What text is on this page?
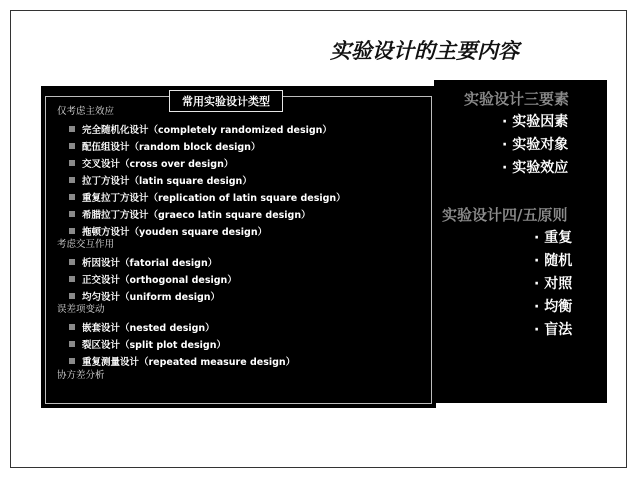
实验设计的主要内容
常用实验设计类型
仅考虑主效应
完全随机化设计（completely randomized design）
配伍组设计（random block design）
交叉设计（cross over design）
拉丁方设计（latin square design）
重复拉丁方设计（replication of latin square design）
希腊拉丁方设计（graeco latin square design）
拖顿方设计（youden square design）
考虑交互作用
析因设计（fatorial design）
正交设计（orthogonal design）
均匀设计（uniform design）
误差项变动
嵌套设计（nested design）
裂区设计（split plot design）
重复测量设计（repeated measure design）
协方差分析
实验设计三要素
· 实验因素
· 实验对象
· 实验效应
实验设计四/五原则
· 重复
· 随机
· 对照
· 均衡
· 盲法
